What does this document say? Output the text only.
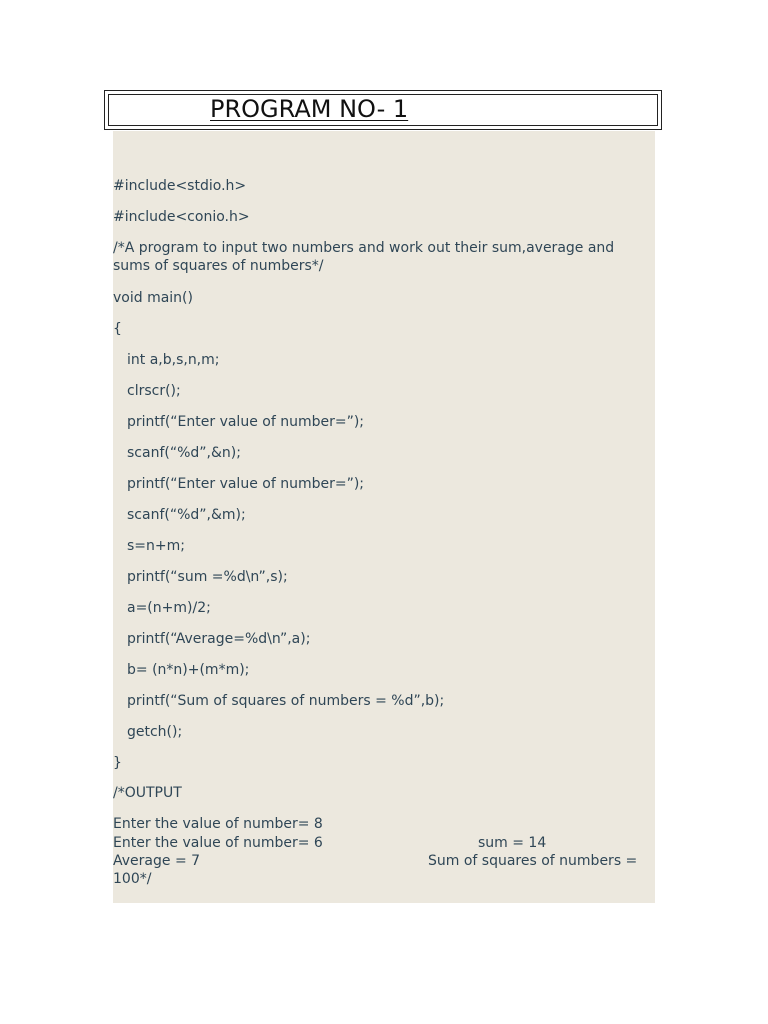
PROGRAM NO- 1
#include<stdio.h>
#include<conio.h>
/*A program to input two numbers and work out their sum,average and sums of squares of numbers*/
void main()
{
int a,b,s,n,m;
clrscr();
printf(“Enter value of number=”);
scanf(“%d”,&n);
printf(“Enter value of number=”);
scanf(“%d”,&m);
s=n+m;
printf(“sum =%d\n”,s);
a=(n+m)/2;
printf(“Average=%d\n”,a);
b= (n*n)+(m*m);
printf(“Sum of squares of numbers = %d”,b);
getch();
}
/*OUTPUT
Enter the value of number= 8
Enter the value of number= 6	sum = 14
Average = 7	Sum of squares of numbers =
100*/
